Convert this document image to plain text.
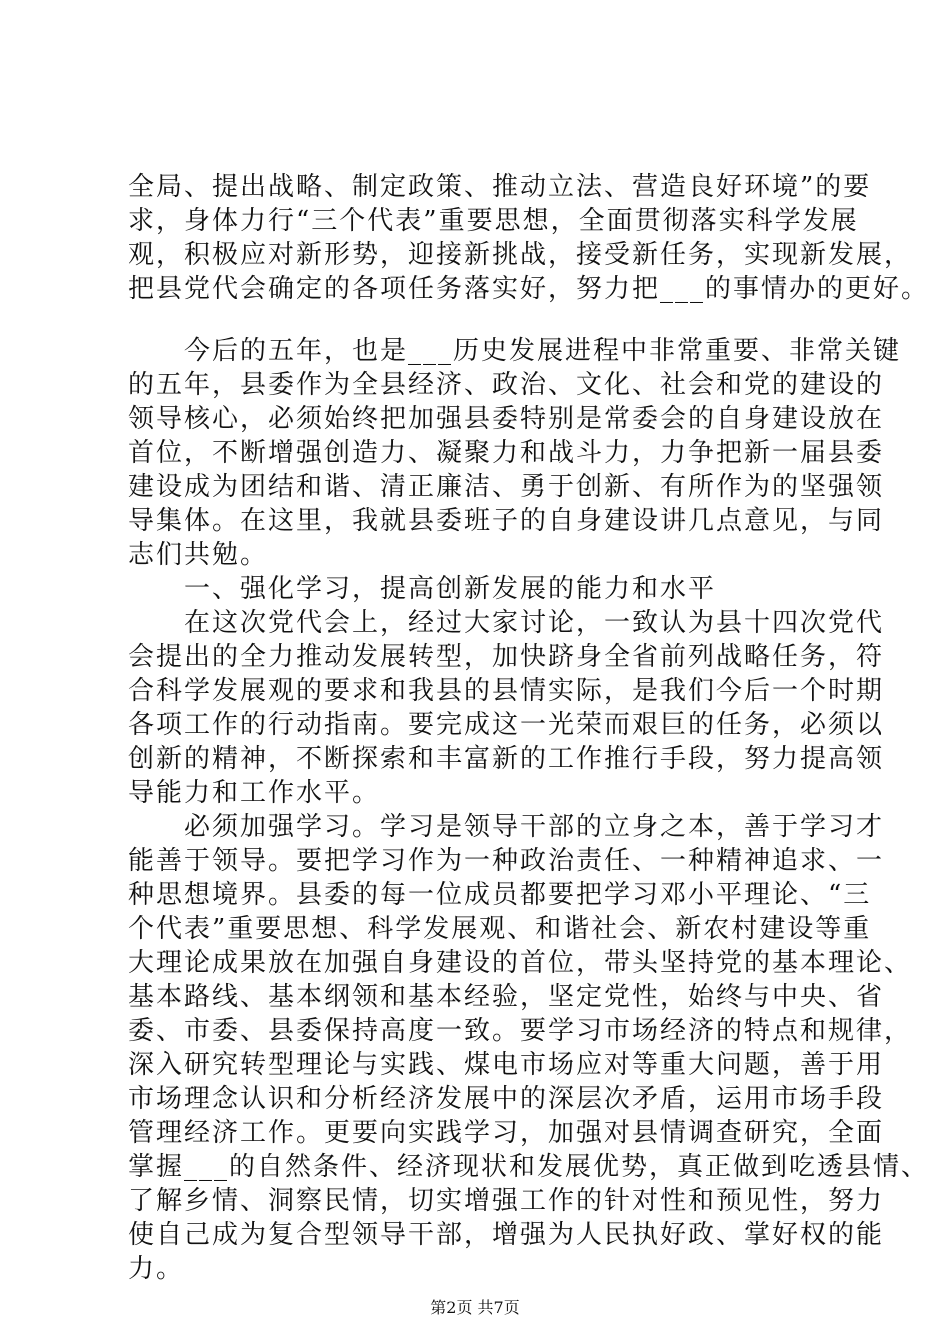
全局、提出战略、制定政策、推动立法、营造良好环境”的要
求，身体力行“三个代表”重要思想，全面贯彻落实科学发展
观，积极应对新形势，迎接新挑战，接受新任务，实现新发展，
把县党代会确定的各项任务落实好，努力把___的事情办的更好。
　　今后的五年，也是___历史发展进程中非常重要、非常关键
的五年，县委作为全县经济、政治、文化、社会和党的建设的
领导核心，必须始终把加强县委特别是常委会的自身建设放在
首位，不断增强创造力、凝聚力和战斗力，力争把新一届县委
建设成为团结和谐、清正廉洁、勇于创新、有所作为的坚强领
导集体。在这里，我就县委班子的自身建设讲几点意见，与同
志们共勉。
　　一、强化学习，提高创新发展的能力和水平
　　在这次党代会上，经过大家讨论，一致认为县十四次党代
会提出的全力推动发展转型，加快跻身全省前列战略任务，符
合科学发展观的要求和我县的县情实际，是我们今后一个时期
各项工作的行动指南。要完成这一光荣而艰巨的任务，必须以
创新的精神，不断探索和丰富新的工作推行手段，努力提高领
导能力和工作水平。
　　必须加强学习。学习是领导干部的立身之本，善于学习才
能善于领导。要把学习作为一种政治责任、一种精神追求、一
种思想境界。县委的每一位成员都要把学习邓小平理论、“三
个代表”重要思想、科学发展观、和谐社会、新农村建设等重
大理论成果放在加强自身建设的首位，带头坚持党的基本理论、
基本路线、基本纲领和基本经验，坚定党性，始终与中央、省
委、市委、县委保持高度一致。要学习市场经济的特点和规律，
深入研究转型理论与实践、煤电市场应对等重大问题，善于用
市场理念认识和分析经济发展中的深层次矛盾，运用市场手段
管理经济工作。更要向实践学习，加强对县情调查研究，全面
掌握___的自然条件、经济现状和发展优势，真正做到吃透县情、
了解乡情、洞察民情，切实增强工作的针对性和预见性，努力
使自己成为复合型领导干部，增强为人民执好政、掌好权的能
力。
第2页 共7页
